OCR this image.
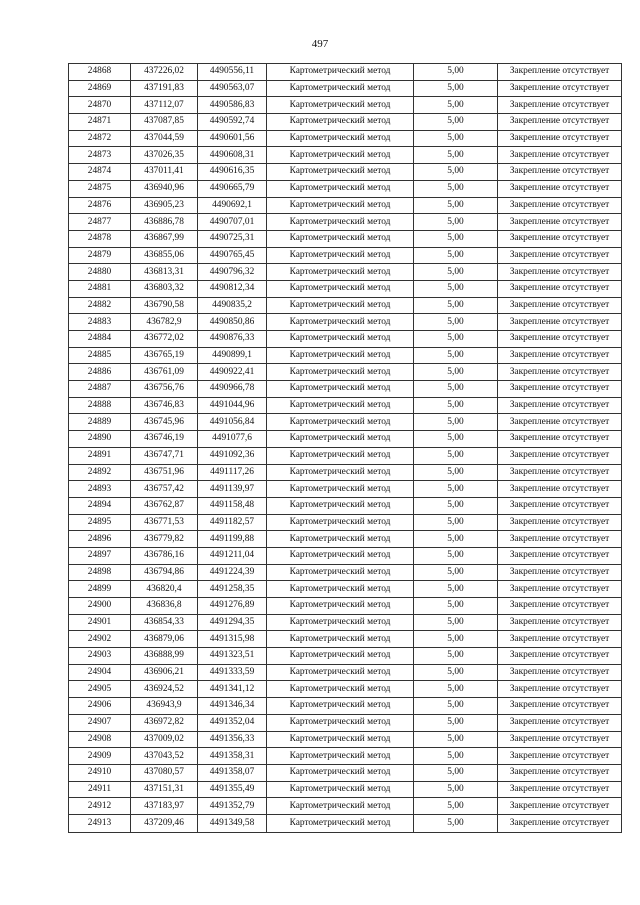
497
24868	437226,02	4490556,11	Картометрический метод	5,00	Закрепление отсутствует
24869	437191,83	4490563,07	Картометрический метод	5,00	Закрепление отсутствует
24870	437112,07	4490586,83	Картометрический метод	5,00	Закрепление отсутствует
24871	437087,85	4490592,74	Картометрический метод	5,00	Закрепление отсутствует
24872	437044,59	4490601,56	Картометрический метод	5,00	Закрепление отсутствует
24873	437026,35	4490608,31	Картометрический метод	5,00	Закрепление отсутствует
24874	437011,41	4490616,35	Картометрический метод	5,00	Закрепление отсутствует
24875	436940,96	4490665,79	Картометрический метод	5,00	Закрепление отсутствует
24876	436905,23	4490692,1	Картометрический метод	5,00	Закрепление отсутствует
24877	436886,78	4490707,01	Картометрический метод	5,00	Закрепление отсутствует
24878	436867,99	4490725,31	Картометрический метод	5,00	Закрепление отсутствует
24879	436855,06	4490765,45	Картометрический метод	5,00	Закрепление отсутствует
24880	436813,31	4490796,32	Картометрический метод	5,00	Закрепление отсутствует
24881	436803,32	4490812,34	Картометрический метод	5,00	Закрепление отсутствует
24882	436790,58	4490835,2	Картометрический метод	5,00	Закрепление отсутствует
24883	436782,9	4490850,86	Картометрический метод	5,00	Закрепление отсутствует
24884	436772,02	4490876,33	Картометрический метод	5,00	Закрепление отсутствует
24885	436765,19	4490899,1	Картометрический метод	5,00	Закрепление отсутствует
24886	436761,09	4490922,41	Картометрический метод	5,00	Закрепление отсутствует
24887	436756,76	4490966,78	Картометрический метод	5,00	Закрепление отсутствует
24888	436746,83	4491044,96	Картометрический метод	5,00	Закрепление отсутствует
24889	436745,96	4491056,84	Картометрический метод	5,00	Закрепление отсутствует
24890	436746,19	4491077,6	Картометрический метод	5,00	Закрепление отсутствует
24891	436747,71	4491092,36	Картометрический метод	5,00	Закрепление отсутствует
24892	436751,96	4491117,26	Картометрический метод	5,00	Закрепление отсутствует
24893	436757,42	4491139,97	Картометрический метод	5,00	Закрепление отсутствует
24894	436762,87	4491158,48	Картометрический метод	5,00	Закрепление отсутствует
24895	436771,53	4491182,57	Картометрический метод	5,00	Закрепление отсутствует
24896	436779,82	4491199,88	Картометрический метод	5,00	Закрепление отсутствует
24897	436786,16	4491211,04	Картометрический метод	5,00	Закрепление отсутствует
24898	436794,86	4491224,39	Картометрический метод	5,00	Закрепление отсутствует
24899	436820,4	4491258,35	Картометрический метод	5,00	Закрепление отсутствует
24900	436836,8	4491276,89	Картометрический метод	5,00	Закрепление отсутствует
24901	436854,33	4491294,35	Картометрический метод	5,00	Закрепление отсутствует
24902	436879,06	4491315,98	Картометрический метод	5,00	Закрепление отсутствует
24903	436888,99	4491323,51	Картометрический метод	5,00	Закрепление отсутствует
24904	436906,21	4491333,59	Картометрический метод	5,00	Закрепление отсутствует
24905	436924,52	4491341,12	Картометрический метод	5,00	Закрепление отсутствует
24906	436943,9	4491346,34	Картометрический метод	5,00	Закрепление отсутствует
24907	436972,82	4491352,04	Картометрический метод	5,00	Закрепление отсутствует
24908	437009,02	4491356,33	Картометрический метод	5,00	Закрепление отсутствует
24909	437043,52	4491358,31	Картометрический метод	5,00	Закрепление отсутствует
24910	437080,57	4491358,07	Картометрический метод	5,00	Закрепление отсутствует
24911	437151,31	4491355,49	Картометрический метод	5,00	Закрепление отсутствует
24912	437183,97	4491352,79	Картометрический метод	5,00	Закрепление отсутствует
24913	437209,46	4491349,58	Картометрический метод	5,00	Закрепление отсутствует
